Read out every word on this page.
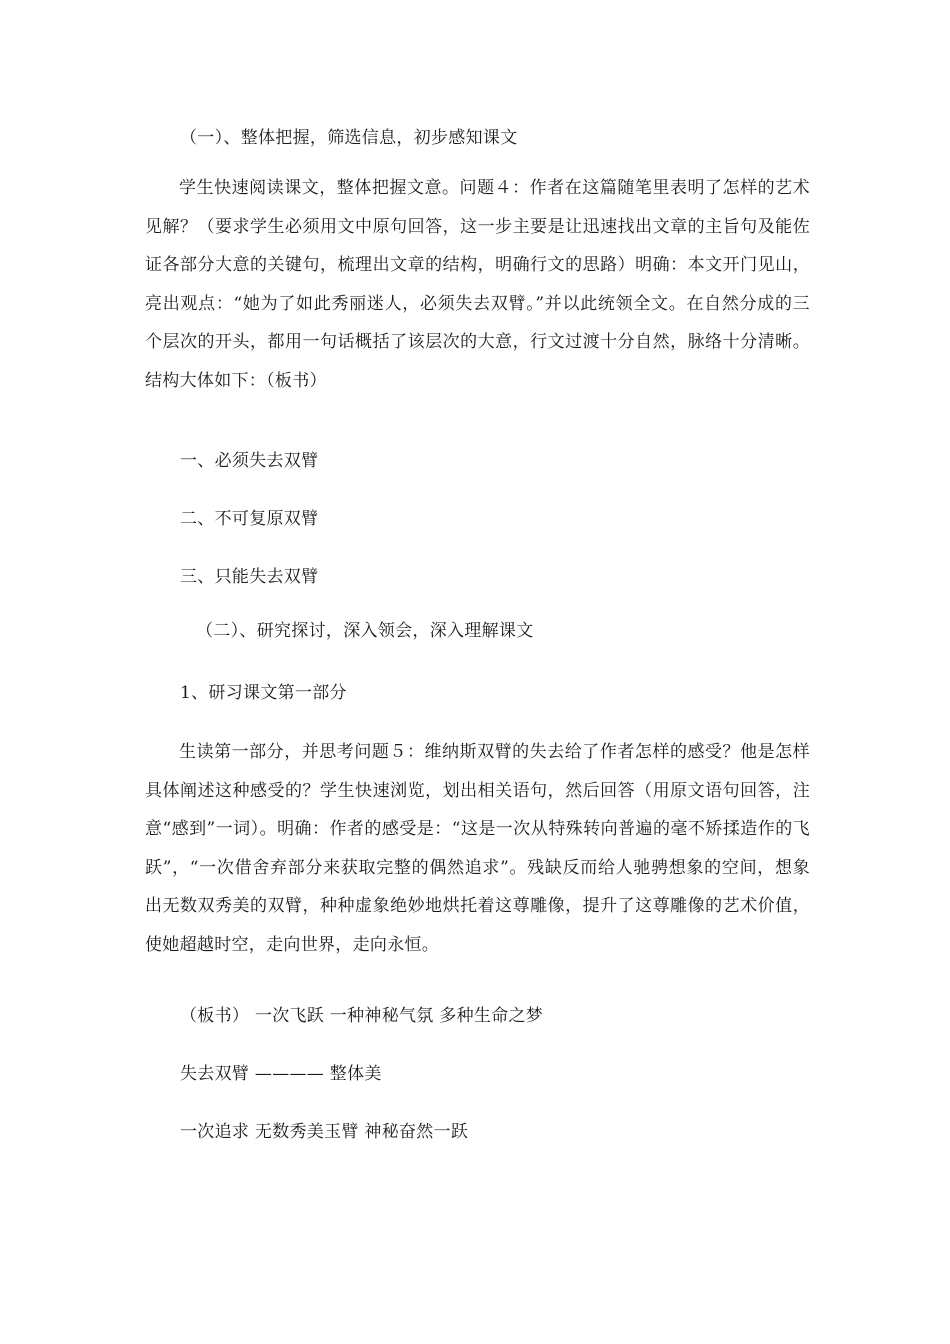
（一）、整体把握，筛选信息，初步感知课文
学生快速阅读课文，整体把握文意。问题４：作者在这篇随笔里表明了怎样的艺术见解？（要求学生必须用文中原句回答，这一步主要是让迅速找出文章的主旨句及能佐证各部分大意的关键句，梳理出文章的结构，明确行文的思路）明确：本文开门见山，亮出观点：“她为了如此秀丽迷人，必须失去双臂。”并以此统领全文。在自然分成的三个层次的开头，都用一句话概括了该层次的大意，行文过渡十分自然，脉络十分清晰。结构大体如下：（板书）
一、必须失去双臂
二、不可复原双臂
三、只能失去双臂
（二）、研究探讨，深入领会，深入理解课文
1、研习课文第一部分
生读第一部分，并思考问题５：维纳斯双臂的失去给了作者怎样的感受？他是怎样具体阐述这种感受的？学生快速浏览，划出相关语句，然后回答（用原文语句回答，注意“感到”一词）。明确：作者的感受是：“这是一次从特殊转向普遍的毫不矫揉造作的飞跃”，“一次借舍弃部分来获取完整的偶然追求”。残缺反而给人驰骋想象的空间，想象出无数双秀美的双臂，种种虚象绝妙地烘托着这尊雕像，提升了这尊雕像的艺术价值，使她超越时空，走向世界，走向永恒。
（板书） 一次飞跃 一种神秘气氛 多种生命之梦
失去双臂 ———— 整体美
一次追求 无数秀美玉臂 神秘奋然一跃
